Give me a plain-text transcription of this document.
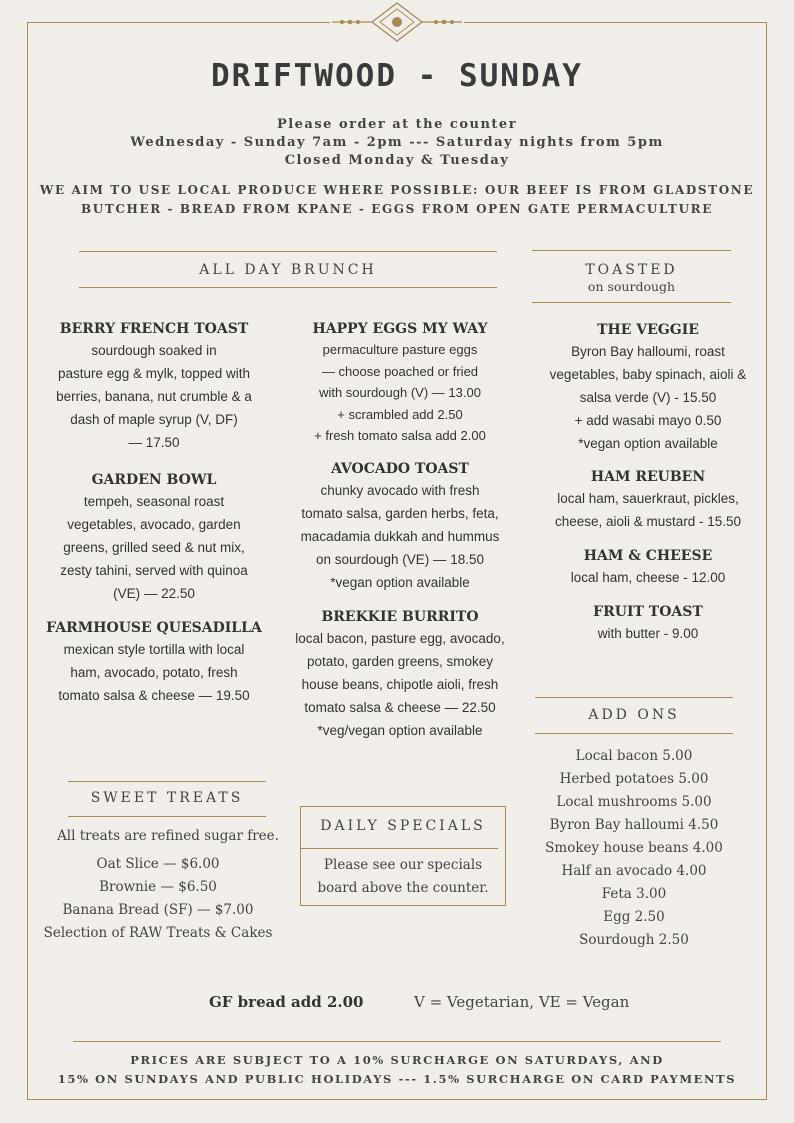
DRIFTWOOD - SUNDAY
Please order at the counter
Wednesday - Sunday 7am - 2pm --- Saturday nights from 5pm
Closed Monday & Tuesday
WE AIM TO USE LOCAL PRODUCE WHERE POSSIBLE: OUR BEEF IS FROM GLADSTONE
BUTCHER - BREAD FROM KPANE - EGGS FROM OPEN GATE PERMACULTURE
ALL DAY BRUNCH	TOASTED
on sourdough
BERRY FRENCH TOAST
sourdough soaked in
pasture egg & mylk, topped with
berries, banana, nut crumble & a
dash of maple syrup (V, DF)
— 17.50
GARDEN BOWL
tempeh, seasonal roast
vegetables, avocado, garden
greens, grilled seed & nut mix,
zesty tahini, served with quinoa
(VE) — 22.50
FARMHOUSE QUESADILLA
mexican style tortilla with local
ham, avocado, potato, fresh
tomato salsa & cheese — 19.50
HAPPY EGGS MY WAY
permaculture pasture eggs
— choose poached or fried
with sourdough (V) — 13.00
+ scrambled add 2.50
+ fresh tomato salsa add 2.00
AVOCADO TOAST
chunky avocado with fresh
tomato salsa, garden herbs, feta,
macadamia dukkah and hummus
on sourdough (VE) — 18.50
*vegan option available
BREKKIE BURRITO
local bacon, pasture egg, avocado,
potato, garden greens, smokey
house beans, chipotle aioli, fresh
tomato salsa & cheese — 22.50
*veg/vegan option available
THE VEGGIE
Byron Bay halloumi, roast
vegetables, baby spinach, aioli &
salsa verde (V) - 15.50
+ add wasabi mayo 0.50
*vegan option available
HAM REUBEN
local ham, sauerkraut, pickles,
cheese, aioli & mustard - 15.50
HAM & CHEESE
local ham, cheese - 12.00
FRUIT TOAST
with butter - 9.00
ADD ONS
Local bacon 5.00
Herbed potatoes 5.00
Local mushrooms 5.00
Byron Bay halloumi 4.50
Smokey house beans 4.00
Half an avocado 4.00
Feta 3.00
Egg 2.50
Sourdough 2.50
SWEET TREATS
All treats are refined sugar free.
Oat Slice — $6.00
Brownie — $6.50
Banana Bread (SF) — $7.00
Selection of RAW Treats & Cakes
DAILY SPECIALS
Please see our specials
board above the counter.
GF bread add 2.00	V = Vegetarian, VE = Vegan
PRICES ARE SUBJECT TO A 10% SURCHARGE ON SATURDAYS, AND
15% ON SUNDAYS AND PUBLIC HOLIDAYS --- 1.5% SURCHARGE ON CARD PAYMENTS
